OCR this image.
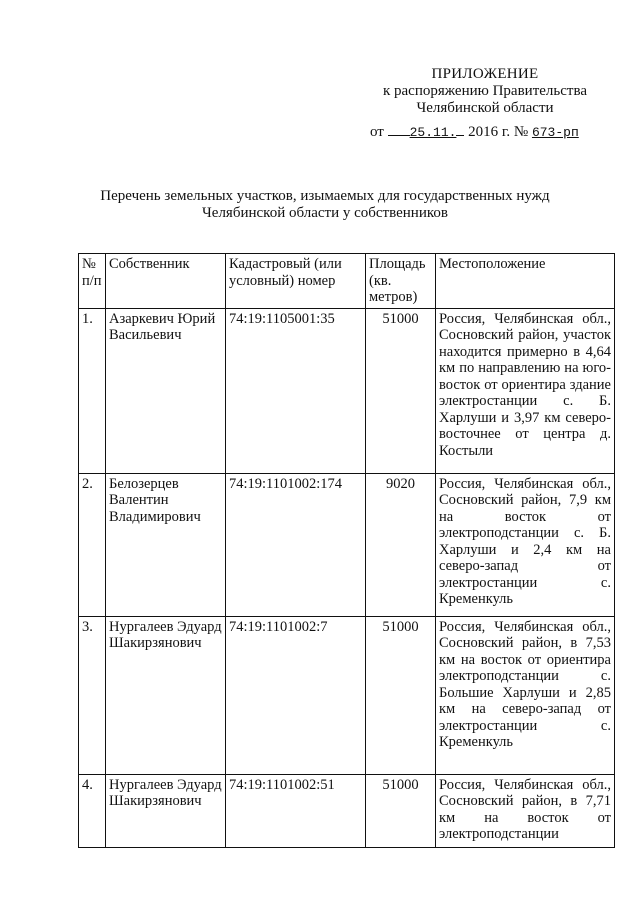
ПРИЛОЖЕНИЕ
к распоряжению Правительства
Челябинской области
от 25.11. 2016 г. № 673-рп
Перечень земельных участков, изымаемых для государственных нужд
Челябинской области у собственников
№ п/п	Собственник	Кадастровый (или условный) номер	Площадь (кв. метров)	Местоположение
1.	Азаркевич Юрий Васильевич	74:19:1105001:35	51000	Россия, Челябинская обл., Сосновский район, участок находится примерно в 4,64 км по направлению на юго-восток от ориентира здание электростанции с. Б. Харлуши и 3,97 км северо-восточнее от центра д. Костыли
2.	Белозерцев Валентин Владимирович	74:19:1101002:174	9020	Россия, Челябинская обл., Сосновский район, 7,9 км на восток от электроподстанции с. Б. Харлуши и 2,4 км на северо-запад от электростанции с. Кременкуль
3.	Нургалеев Эдуард Шакирзянович	74:19:1101002:7	51000	Россия, Челябинская обл., Сосновский район, в 7,53 км на восток от ориентира электроподстанции с. Большие Харлуши и 2,85 км на северо-запад от электростанции с. Кременкуль
4.	Нургалеев Эдуард Шакирзянович	74:19:1101002:51	51000	Россия, Челябинская обл., Сосновский район, в 7,71 км на восток от электроподстанции
